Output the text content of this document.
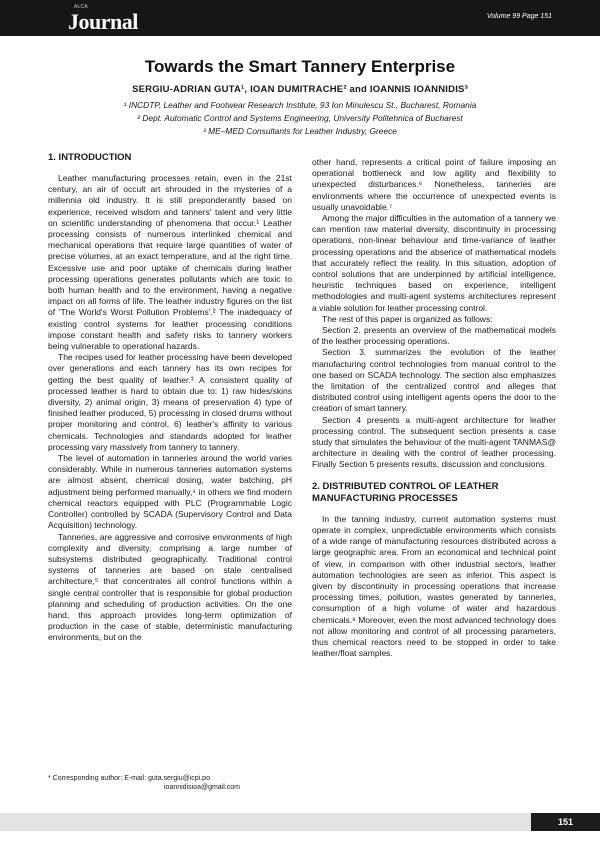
ALCA
Journal	Volume 99 Page 151
Towards the Smart Tannery Enterprise
SERGIU-ADRIAN GUTA¹, IOAN DUMITRACHE² and IOANNIS IOANNIDIS³
¹ INCDTP, Leather and Footwear Research Institute, 93 Ion Minulescu St., Bucharest, Romania
² Dept. Automatic Control and Systems Engineering, University Politehnica of Bucharest
³ ME–MED Consultants for Leather Industry, Greece
1. INTRODUCTION

Leather manufacturing processes retain, even in the 21st century, an air of occult art shrouded in the mysteries of a millennia old industry. It is still preponderantly based on experience, received wisdom and tanners' talent and very little on scientific understanding of phenomena that occur.¹ Leather processing consists of numerous interlinked chemical and mechanical operations that require large quantities of water of precise volumes, at an exact temperature, and at the right time. Excessive use and poor uptake of chemicals during leather processing operations generates pollutants which are toxic to both human health and to the environment, having a negative impact on all forms of life. The leather industry figures on the list of 'The World's Worst Pollution Problems'.² The inadequacy of existing control systems for leather processing conditions impose constant health and safety risks to tannery workers being vulnerable to operational hazards.

The recipes used for leather processing have been developed over generations and each tannery has its own recipes for getting the best quality of leather.³ A consistent quality of processed leather is hard to obtain due to: 1) raw hides/skins diversity, 2) animal origin, 3) means of preservation 4) type of finished leather produced, 5) processing in closed drums without proper monitoring and control, 6) leather's affinity to various chemicals. Technologies and standards adopted for leather processing vary massively from tannery to tannery.

The level of automation in tanneries around the world varies considerably. While in numerous tanneries automation systems are almost absent, chemical dosing, water batching, pH adjustment being performed manually,⁴ in others we find modern chemical reactors equipped with PLC (Programmable Logic Controller) controlled by SCADA (Supervisory Control and Data Acquisition) technology.

Tanneries, are aggressive and corrosive environments of high complexity and diversity, comprising a large number of subsystems distributed geographically. Traditional control systems of tanneries are based on stale centralised architecture,⁵ that concentrates all control functions within a single central controller that is responsible for global production planning and scheduling of production activities. On the one hand, this approach provides long-term optimization of production in the case of stable, deterministic manufacturing environments, but on the

other hand, represents a critical point of failure imposing an operational bottleneck and low agility and flexibility to unexpected disturbances.⁶ Nonetheless, tanneries are environments where the occurrence of unexpected events is usually unavoidable.⁷

Among the major difficulties in the automation of a tannery we can mention raw material diversity, discontinuity in processing operations, non-linear behaviour and time-variance of leather processing operations and the absence of mathematical models that accurately reflect the reality. In this situation, adoption of control solutions that are underpinned by artificial intelligence, heuristic techniques based on experience, intelligent methodologies and multi-agent systems architectures represent a viable solution for leather processing control.

The rest of this paper is organized as follows:

Section 2. presents an overview of the mathematical models of the leather processing operations.

Section 3. summarizes the evolution of the leather manufacturing control technologies from manual control to the one based on SCADA technology. The section also emphasizes the limitation of the centralized control and alleges that distributed control using intelligent agents opens the door to the creation of smart tannery.

Section 4 presents a multi-agent architecture for leather processing control. The subsequent section presents a case study that simulates the behaviour of the multi-agent TANMAS@ architecture in dealing with the control of leather processing. Finally Section 5 presents results, discussion and conclusions.

2. DISTRIBUTED CONTROL OF LEATHER MANUFACTURING PROCESSES

In the tanning industry, current automation systems must operate in complex, unpredictable environments which consists of a wide range of manufacturing resources distributed across a large geographic area. From an economical and technical point of view, in comparison with other industrial sectors, leather automation technologies are seen as inferior. This aspect is given by discontinuity in processing operations that increase processing times, pollution, wastes generated by tanneries, consumption of a high volume of water and hazardous chemicals.⁸ Moreover, even the most advanced technology does not allow monitoring and control of all processing parameters, thus chemical reactors need to be stopped in order to take leather/float samples.

* Corresponding author: E-mail: guta.sergiu@icpi.po
ioannidisioa@gmail.com
151
